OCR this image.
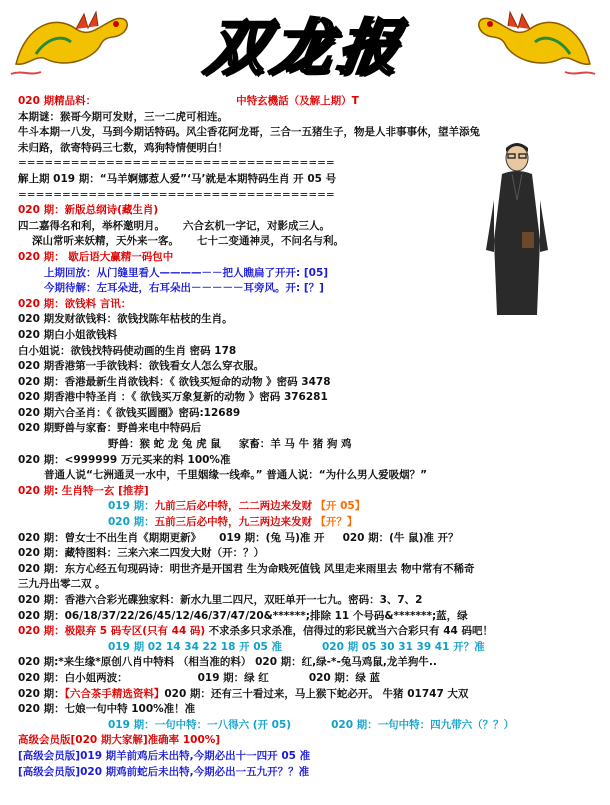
双龙报
020 期精品料：	中特玄機話（及解上期）T
本期谜：猴哥今期可发财，三一二虎可相连。
牛斗本期一八发，马到今期话特码。风尘香花阿龙哥，三合一五猪生子，物是人非事事休，望羊添兔
未归路，欲寄特码三七数，鸡狗特情便明白！
====================================
解上期 019 期：“马羊婀娜惹人爱”‘马’就是本期特码生肖 开 05 号
====================================
020 期：新版总纲诗(藏生肖)
四二嘉得名和利，举杯邀明月。 六合玄机一字记，对影成三人。
深山常听来妖精，天外来一客。 七十二变通神灵，不问名与利。
020 期： 歇后语大赢精一码包中
上期回放：从门缝里看人————－－把人瞧扁了开开: [05]
今期待解：左耳朵进，右耳朵出－－－－－耳旁风。开: [？]
020 期：欲钱料 言讯：
020 期发财欲钱料：欲钱找陈年枯枝的生肖。
020 期白小姐欲钱料
白小姐说：欲钱找特码使动画的生肖 密码 178
020 期香港第一手欲钱料：欲钱看女人怎么穿衣服。
020 期：香港最新生肖欲钱料：《 欲钱买短命的动物 》密码 3478
020 期香港中特圣肖 ：《 欲钱买万象复新的动物 》密码 376281
020 期六合圣肖：《 欲钱买圆圈》密码:12689
020 期野兽与家畜：野兽来电中特码后
野兽：猴 蛇 龙 兔 虎 鼠 家畜：羊 马 牛 猪 狗 鸡
020 期：<999999 万元买来的料 100%准
普通人说“七洲通灵一水中，千里姻缘一线牵。” 普通人说：“为什么男人爱吸烟？”
020 期: 生肖特一玄 [推荐]
019 期：九前三后必中特，二二两边来发财 【开 05】
020 期：五前三后必中特，九三两边来发财 【开？】
020 期：曾女士不出生肖《期期更新》 019 期：(兔 马)准 开 020 期：(牛 鼠)准 开？
020 期：藏特图料：三来六来二四发大财（开：？）
020 期：东方心经五句现码诗：明世齐是开国君 生为命贱死值钱 风里走来雨里去 物中常有不稀奇
三九丹出零二双 。
020 期：香港六合彩光碟独家料：新水九里二四尺，双旺单开一七九。密码：3、7、2
020 期：06/18/37/22/26/45/12/46/37/47/20&******;排除 11 个号码&*******;蓝，绿
020 期：极限弃 5 码专区(只有 44 码) 不求杀多只求杀准，信得过的彩民就当六合彩只有 44 码吧！
019 期 02 14 34 22 18 开 05 准	020 期 05 30 31 39 41 开？准
020 期:*来生缘*原创八肖中特料 （相当准的料） 020 期：红,绿-*-兔马鸡鼠,龙羊狗牛..
020 期：白小姐两波：	019 期：绿 红	020 期：绿 蓝
020 期：【六合茶手精选资料】020 期：还有三十看过来，马上猴下蛇必开。 牛猪 01747 大双
020 期：七娘一句中特 100%准！准
019 期：一句中特：一八得六 (开 05)	020 期：一句中特：四九带六（？？）
高级会员版[020 期大家解]准确率 100%]
[高级会员版]019 期羊前鸡后未出特,今期必出十一四开 05 准
[高级会员版]020 期鸡前蛇后未出特,今期必出一五九开？？准
